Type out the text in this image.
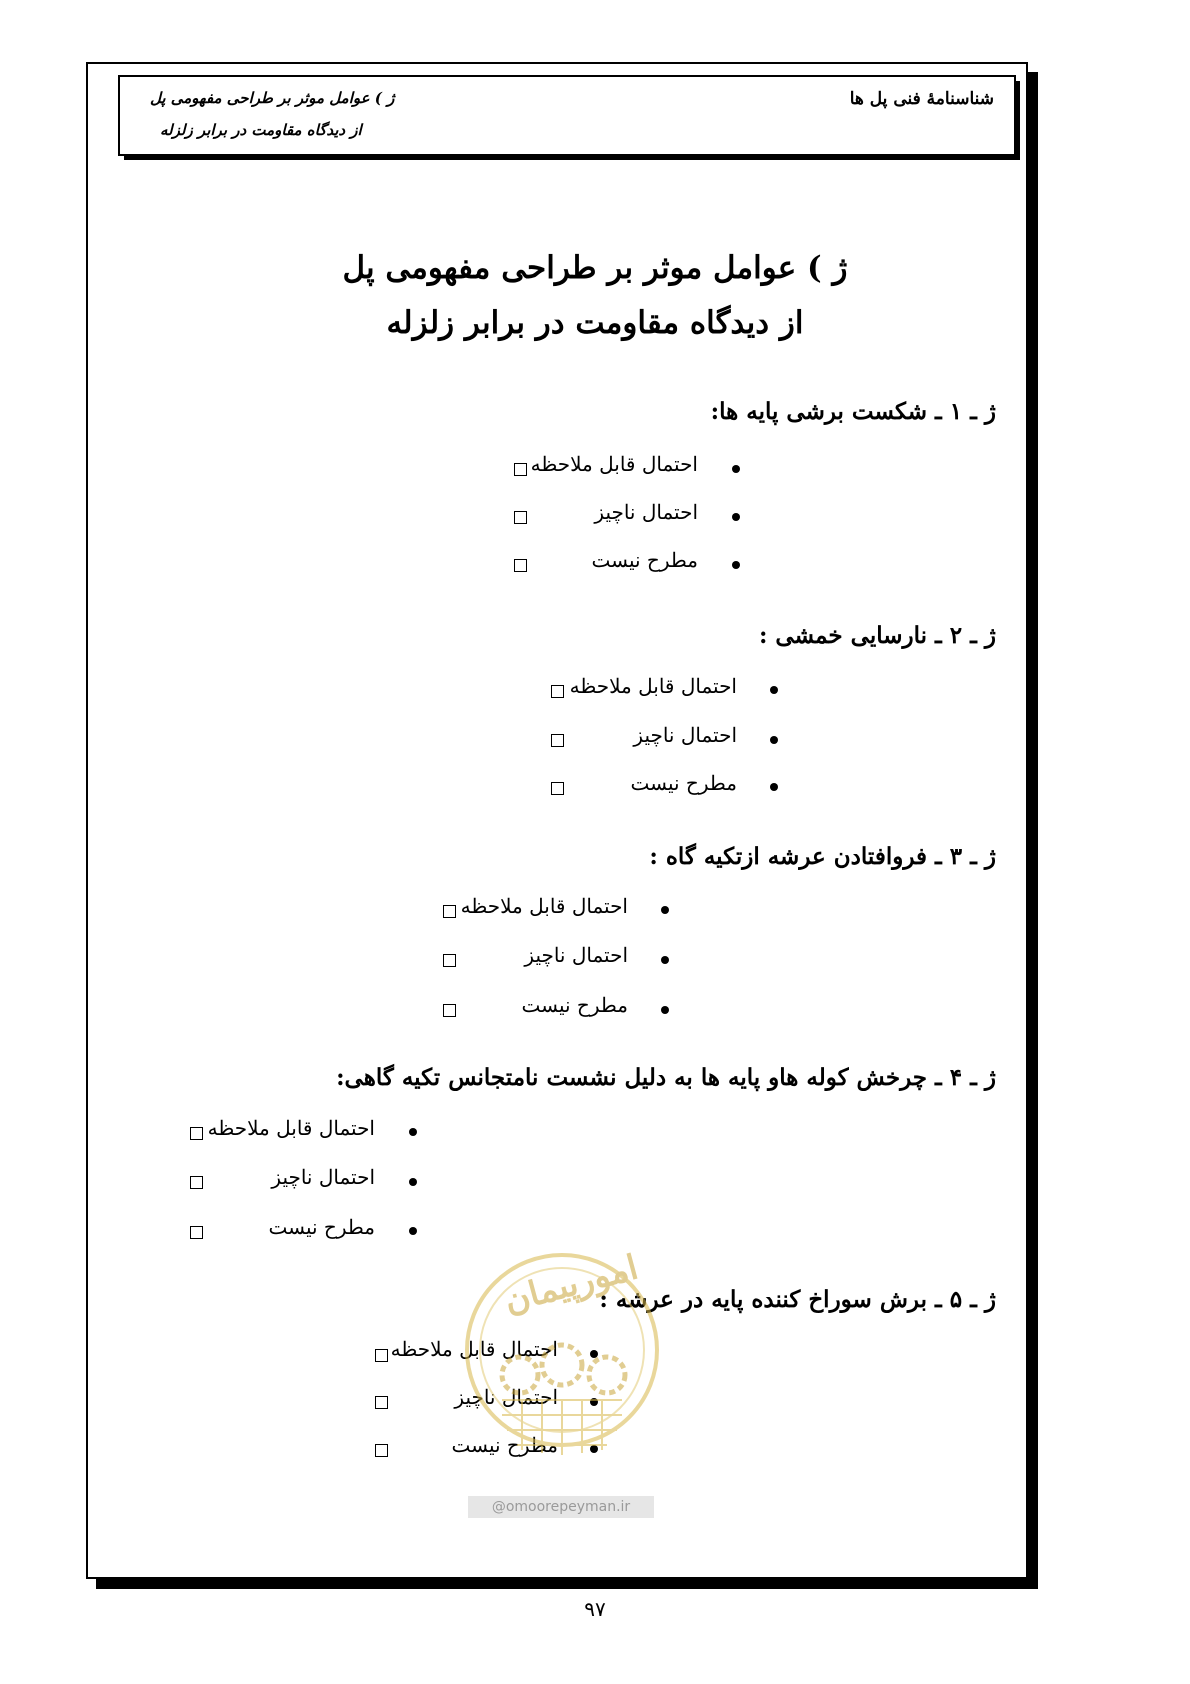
شناسنامهٔ فنی پل ها
ژ ) عوامل موثر بر طراحی مفهومی پل
از دیدگاه مقاومت در برابر زلزله
ژ ) عوامل موثر بر طراحی مفهومی پل
از دیدگاه مقاومت در برابر زلزله
ژ ـ ۱ ـ شکست برشی پایه ها:
احتمال قابل ملاحظه
احتمال ناچیز
مطرح نیست
ژ ـ ۲ ـ نارسایی خمشی :
احتمال قابل ملاحظه
احتمال ناچیز
مطرح نیست
ژ ـ ۳ ـ فروافتادن عرشه ازتکیه گاه :
احتمال قابل ملاحظه
احتمال ناچیز
مطرح نیست
ژ ـ ۴ ـ چرخش کوله هاو پایه ها به دلیل نشست نامتجانس تکیه گاهی:
احتمال قابل ملاحظه
احتمال ناچیز
مطرح نیست
ژ ـ ۵ ـ برش سوراخ کننده پایه در عرشه :
احتمال قابل ملاحظه
احتمال ناچیز
مطرح نیست
امورپیمان
@omoorepeyman.ir
۹۷
